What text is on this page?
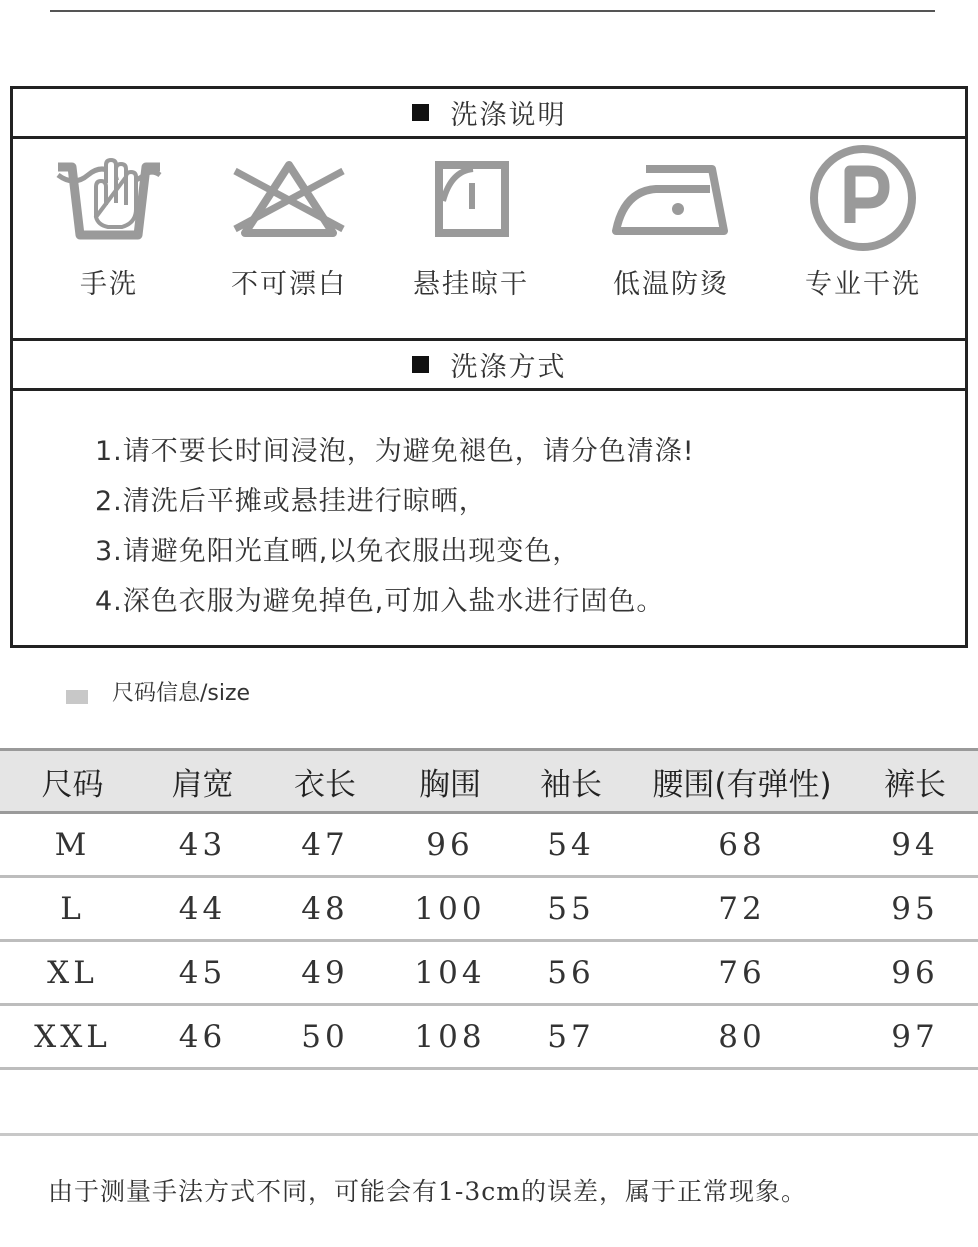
洗涤说明
手洗	不可漂白	悬挂晾干	低温防烫	专业干洗
洗涤方式
1.请不要长时间浸泡，为避免褪色，请分色清涤!
2.清洗后平摊或悬挂进行晾晒，
3.请避免阳光直晒,以免衣服出现变色，
4.深色衣服为避免掉色,可加入盐水进行固色。
尺码信息/size
尺码	肩宽	衣长	胸围	袖长	腰围(有弹性)	裤长
M	43	47	96	54	68	94
L	44	48	100	55	72	95
XL	45	49	104	56	76	96
XXL	46	50	108	57	80	97
由于测量手法方式不同，可能会有1-3cm的误差，属于正常现象。
